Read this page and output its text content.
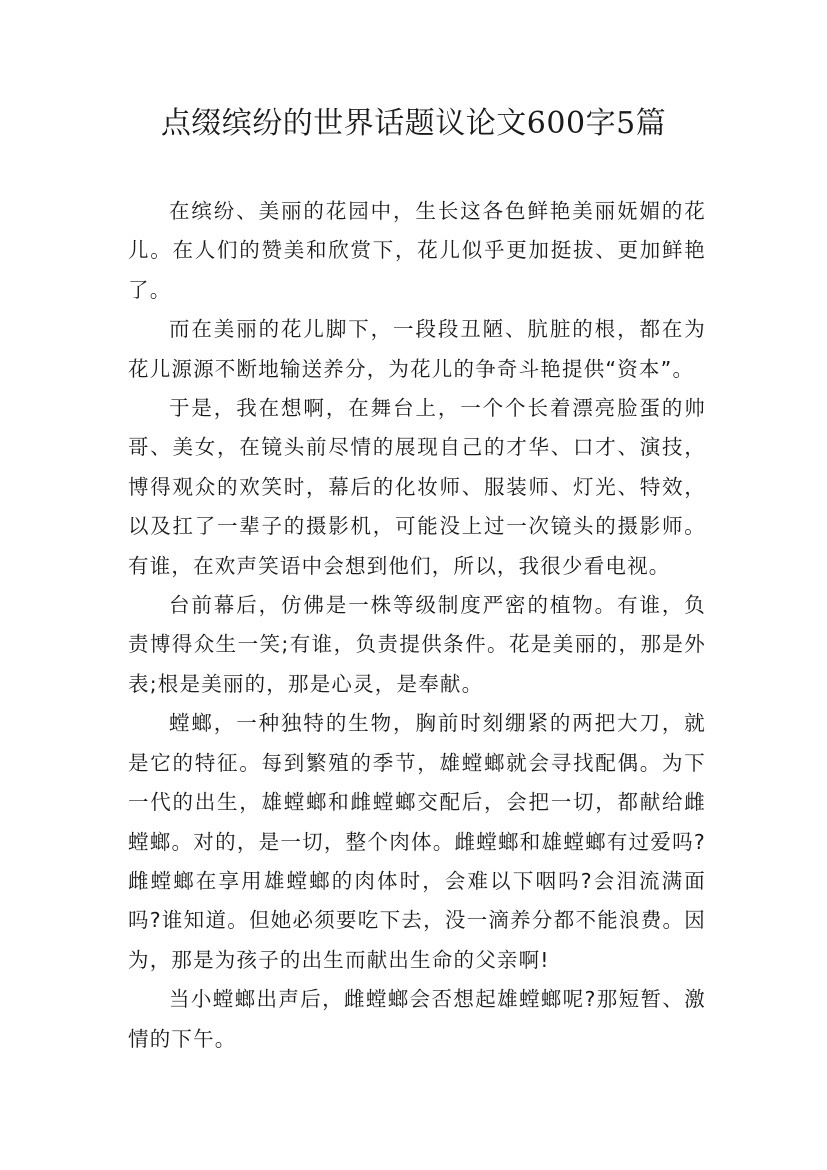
点缀缤纷的世界话题议论文600字5篇

在缤纷、美丽的花园中，生长这各色鲜艳美丽妩媚的花儿。在人们的赞美和欣赏下，花儿似乎更加挺拔、更加鲜艳了。

而在美丽的花儿脚下，一段段丑陋、肮脏的根，都在为花儿源源不断地输送养分，为花儿的争奇斗艳提供“资本”。

于是，我在想啊，在舞台上，一个个长着漂亮脸蛋的帅哥、美女，在镜头前尽情的展现自己的才华、口才、演技，博得观众的欢笑时，幕后的化妆师、服装师、灯光、特效，以及扛了一辈子的摄影机，可能没上过一次镜头的摄影师。有谁，在欢声笑语中会想到他们，所以，我很少看电视。

台前幕后，仿佛是一株等级制度严密的植物。有谁，负责博得众生一笑;有谁，负责提供条件。花是美丽的，那是外表;根是美丽的，那是心灵，是奉献。

螳螂，一种独特的生物，胸前时刻绷紧的两把大刀，就是它的特征。每到繁殖的季节，雄螳螂就会寻找配偶。为下一代的出生，雄螳螂和雌螳螂交配后，会把一切，都献给雌螳螂。对的，是一切，整个肉体。雌螳螂和雄螳螂有过爱吗?雌螳螂在享用雄螳螂的肉体时，会难以下咽吗?会泪流满面吗?谁知道。但她必须要吃下去，没一滴养分都不能浪费。因为，那是为孩子的出生而献出生命的父亲啊!

当小螳螂出声后，雌螳螂会否想起雄螳螂呢?那短暂、激情的下午。
